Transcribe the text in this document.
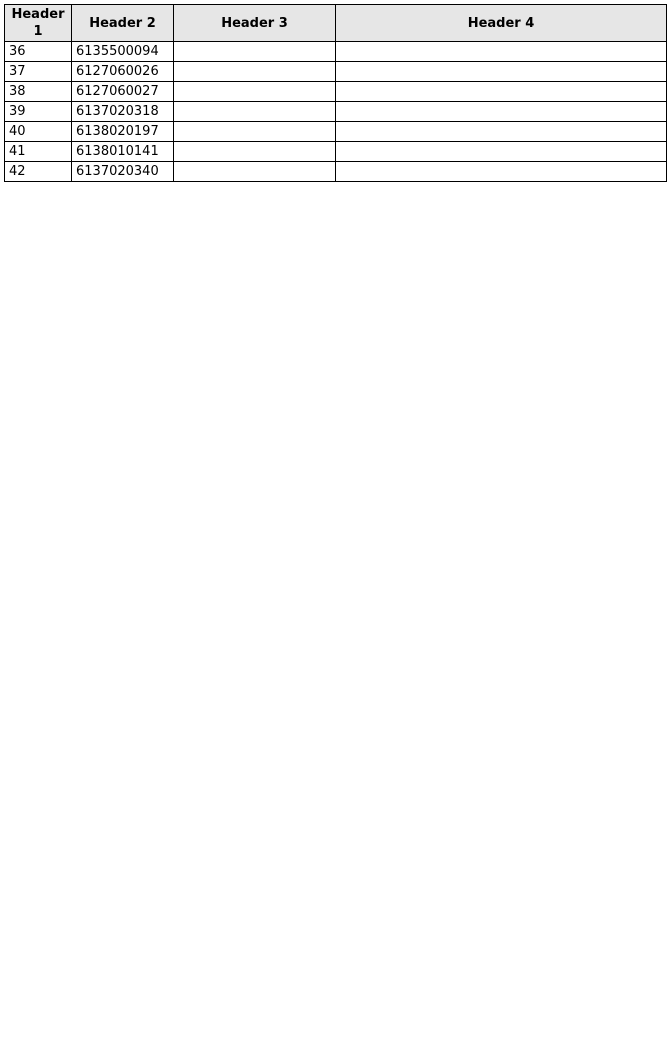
Header 1	Header 2	Header 3	Header 4
36	6135500094		
37	6127060026		
38	6127060027		
39	6137020318		
40	6138020197		
41	6138010141		
42	6137020340		
